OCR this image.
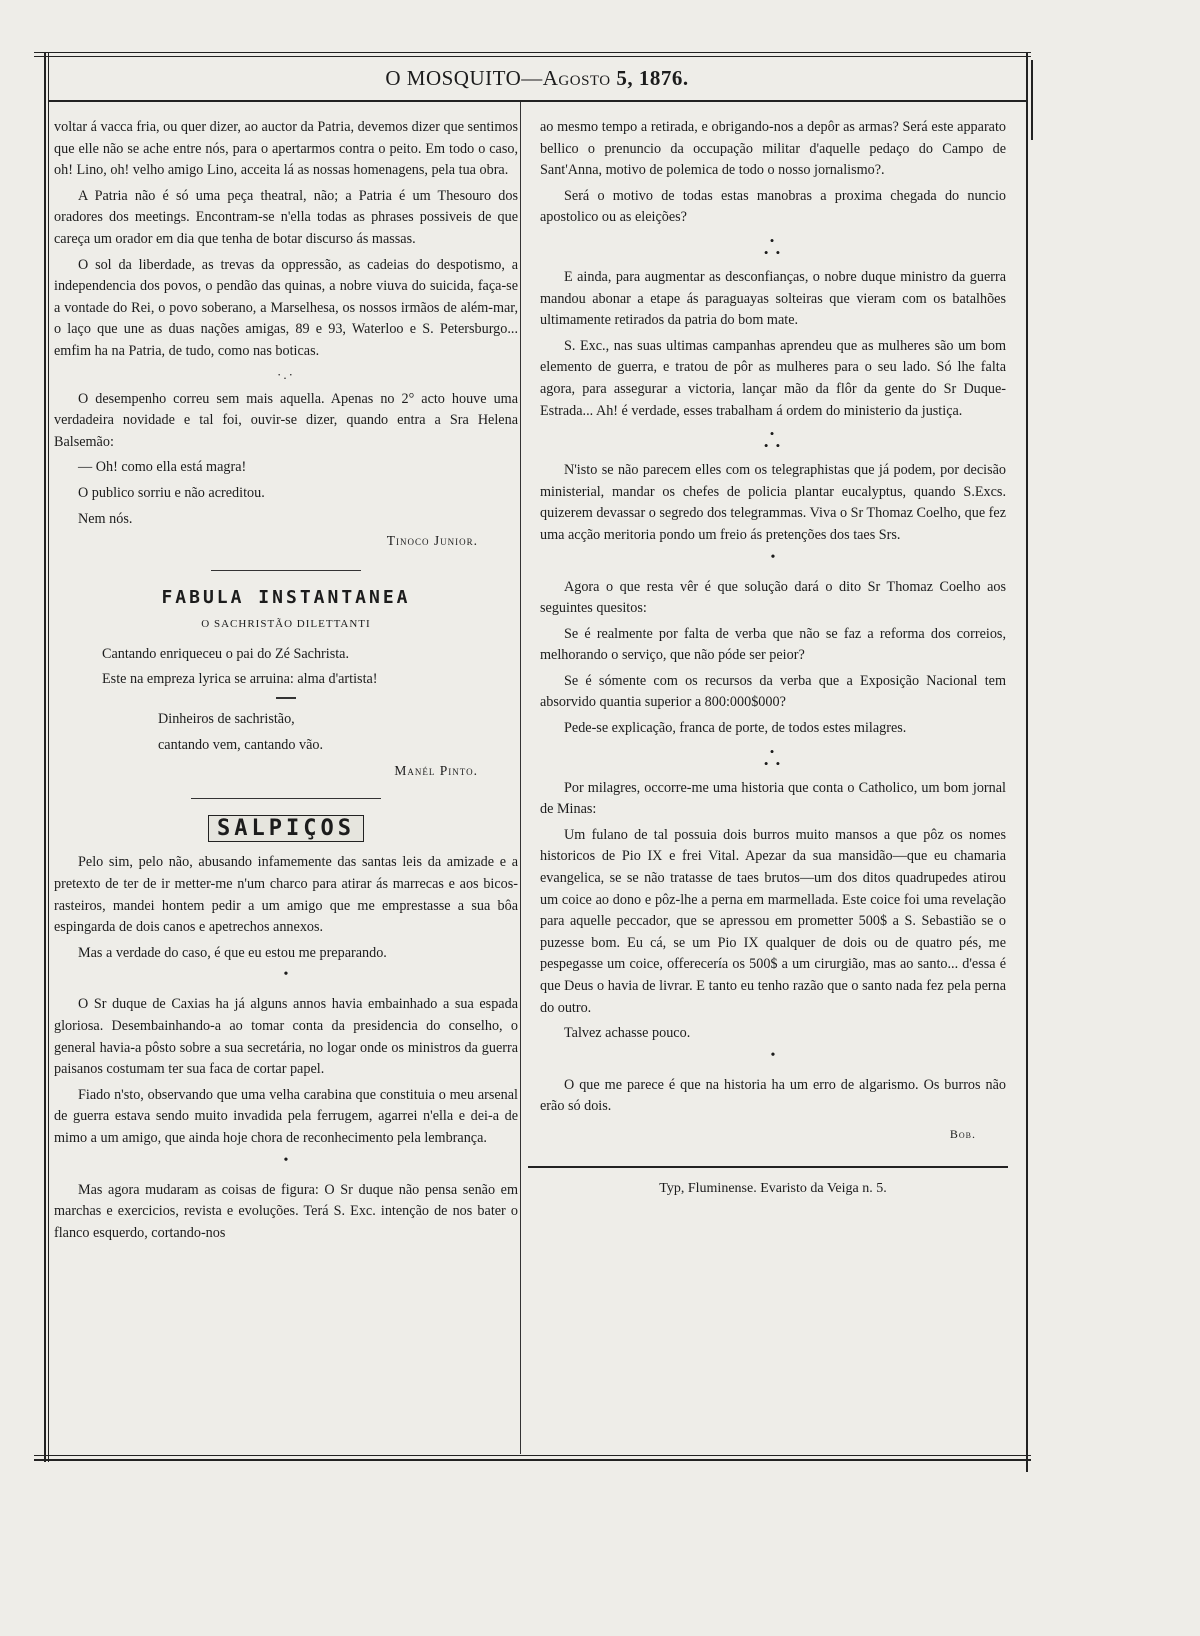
O MOSQUITO—Agosto 5, 1876.

voltar á vacca fria, ou quer dizer, ao auctor da Patria, devemos dizer que sentimos que elle não se ache entre nós, para o apertarmos contra o peito. Em todo o caso, oh! Lino, oh! velho amigo Lino, acceita lá as nossas homenagens, pela tua obra.

A Patria não é só uma peça theatral, não; a Patria é um Thesouro dos oradores dos meetings. Encontram-se n'ella todas as phrases possiveis de que careça um orador em dia que tenha de botar discurso ás massas.

O sol da liberdade, as trevas da oppressão, as cadeias do despotismo, a independencia dos povos, o pendão das quinas, a nobre viuva do suicida, faça-se a vontade do Rei, o povo soberano, a Marselhesa, os nossos irmãos de além-mar, o laço que une as duas nações amigas, 89 e 93, Waterloo e S. Petersburgo... emfim ha na Patria, de tudo, como nas boticas.

·.·

O desempenho correu sem mais aquella. Apenas no 2° acto houve uma verdadeira novidade e tal foi, ouvir-se dizer, quando entra a Sra Helena Balsemão:

— Oh! como ella está magra!

O publico sorriu e não acreditou.

Nem nós.

Tinoco Junior.
FABULA INSTANTANEA
O SACHRISTÃO DILETTANTI
Cantando enriqueceu o pai do Zé Sachrista.
Este na empreza lyrica se arruina: alma d'artista!
Dinheiros de sachristão,
cantando vem, cantando vão.
Manél Pinto.
SALPIÇOS

Pelo sim, pelo não, abusando infamemente das santas leis da amizade e a pretexto de ter de ir metter-me n'um charco para atirar ás marrecas e aos bicos-rasteiros, mandei hontem pedir a um amigo que me emprestasse a sua bôa espingarda de dois canos e apetrechos annexos.

Mas a verdade do caso, é que eu estou me preparando.

•

O Sr duque de Caxias ha já alguns annos havia embainhado a sua espada gloriosa. Desembainhando-a ao tomar conta da presidencia do conselho, o general havia-a pôsto sobre a sua secretária, no logar onde os ministros da guerra paisanos costumam ter sua faca de cortar papel.

Fiado n'sto, observando que uma velha carabina que constituia o meu arsenal de guerra estava sendo muito invadida pela ferrugem, agarrei n'ella e dei-a de mimo a um amigo, que ainda hoje chora de reconhecimento pela lembrança.

•

Mas agora mudaram as coisas de figura: O Sr duque não pensa senão em marchas e exercicios, revista e evoluções. Terá S. Exc. intenção de nos bater o flanco esquerdo, cortando-nos

ao mesmo tempo a retirada, e obrigando-nos a depôr as armas? Será este apparato bellico o prenuncio da occupação militar d'aquelle pedaço do Campo de Sant'Anna, motivo de polemica de todo o nosso jornalismo?.

Será o motivo de todas estas manobras a proxima chegada do nuncio apostolico ou as eleições?

•
• •

E ainda, para augmentar as desconfianças, o nobre duque ministro da guerra mandou abonar a etape ás paraguayas solteiras que vieram com os batalhões ultimamente retirados da patria do bom mate.

S. Exc., nas suas ultimas campanhas aprendeu que as mulheres são um bom elemento de guerra, e tratou de pôr as mulheres para o seu lado. Só lhe falta agora, para assegurar a victoria, lançar mão da flôr da gente do Sr Duque-Estrada... Ah! é verdade, esses trabalham á ordem do ministerio da justiça.

•
• •

N'isto se não parecem elles com os telegraphistas que já podem, por decisão ministerial, mandar os chefes de policia plantar eucalyptus, quando S.Excs. quizerem devassar o segredo dos telegrammas. Viva o Sr Thomaz Coelho, que fez uma acção meritoria pondo um freio ás pretenções dos taes Srs.

•

Agora o que resta vêr é que solução dará o dito Sr Thomaz Coelho aos seguintes quesitos:

Se é realmente por falta de verba que não se faz a reforma dos correios, melhorando o serviço, que não póde ser peior?

Se é sómente com os recursos da verba que a Exposição Nacional tem absorvido quantia superior a 800:000$000?

Pede-se explicação, franca de porte, de todos estes milagres.

•
• •

Por milagres, occorre-me uma historia que conta o Catholico, um bom jornal de Minas:

Um fulano de tal possuia dois burros muito mansos a que pôz os nomes historicos de Pio IX e frei Vital. Apezar da sua mansidão—que eu chamaria evangelica, se se não tratasse de taes brutos—um dos ditos quadrupedes atirou um coice ao dono e pôz-lhe a perna em marmellada. Este coice foi uma revelação para aquelle peccador, que se apressou em prometter 500$ a S. Sebastião se o puzesse bom. Eu cá, se um Pio IX qualquer de dois ou de quatro pés, me pespegasse um coice, offerecería os 500$ a um cirurgião, mas ao santo... d'essa é que Deus o havia de livrar. E tanto eu tenho razão que o santo nada fez pela perna do outro.

Talvez achasse pouco.

•

O que me parece é que na historia ha um erro de algarismo. Os burros não erão só dois.

Bob.
Typ, Fluminense. Evaristo da Veiga n. 5.
